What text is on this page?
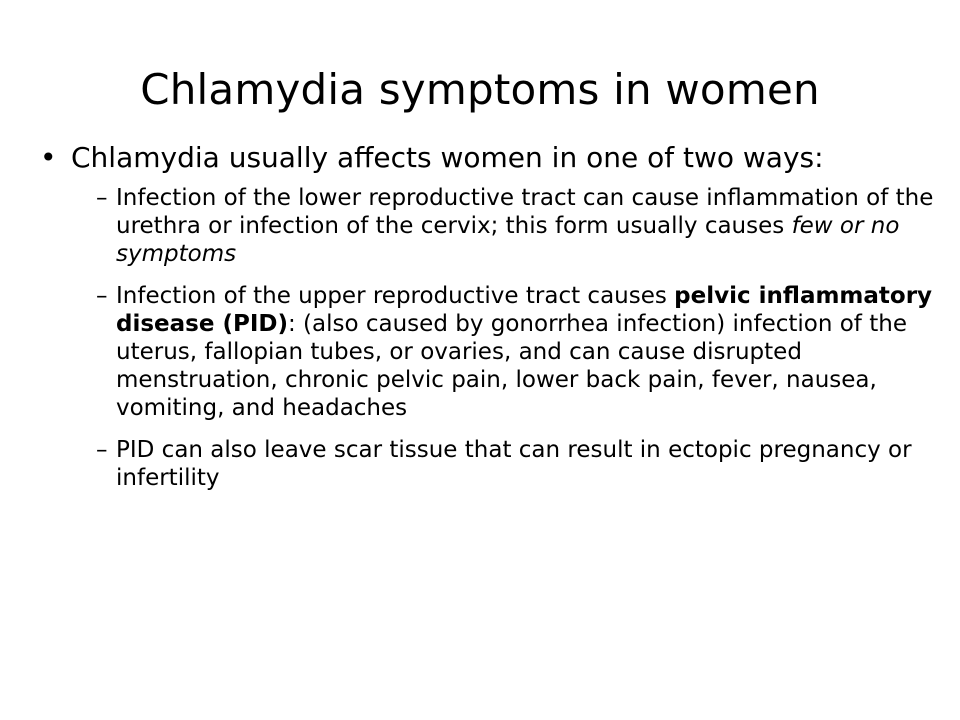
Chlamydia symptoms in women
• Chlamydia usually affects women in one of two ways:
– Infection of the lower reproductive tract can cause inflammation of the urethra or infection of the cervix; this form usually causes few or no symptoms
– Infection of the upper reproductive tract causes pelvic inflammatory disease (PID): (also caused by gonorrhea infection) infection of the uterus, fallopian tubes, or ovaries, and can cause disrupted menstruation, chronic pelvic pain, lower back pain, fever, nausea, vomiting, and headaches
– PID can also leave scar tissue that can result in ectopic pregnancy or infertility
